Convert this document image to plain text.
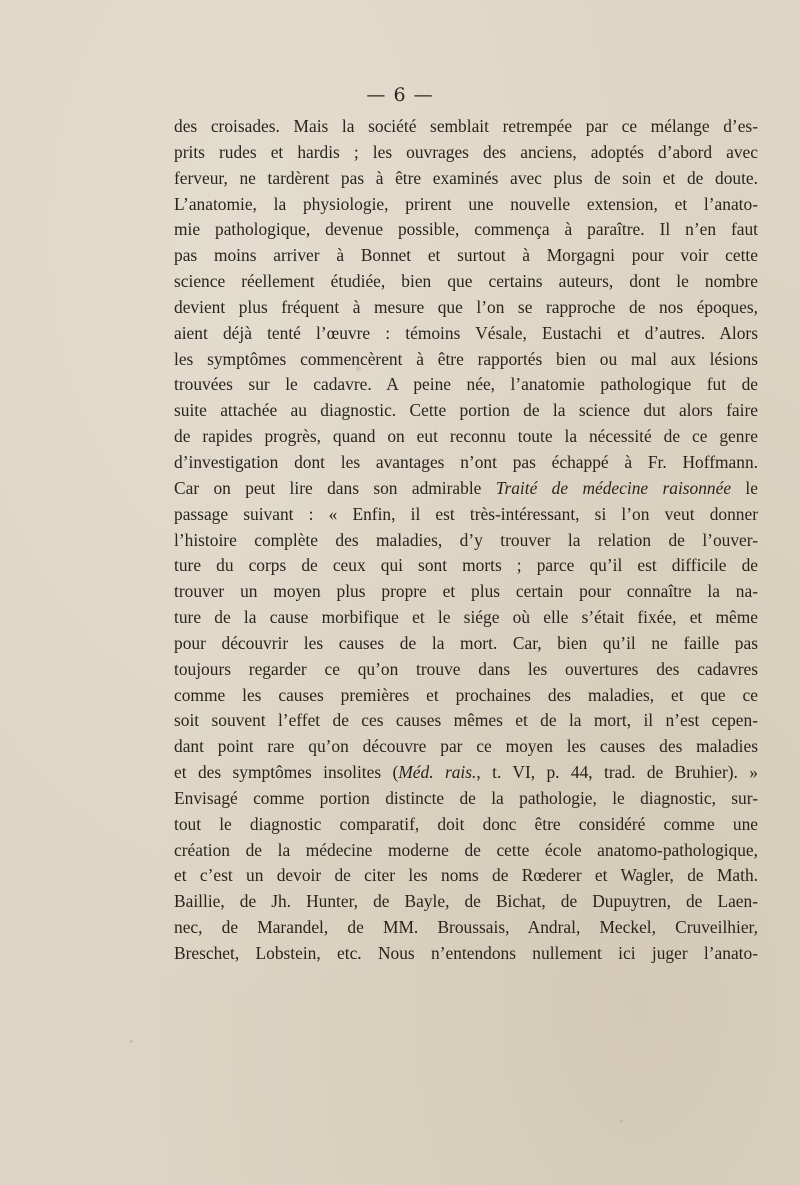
— 6 —
des croisades. Mais la société semblait retrempée par ce mélange d’es-
prits rudes et hardis ; les ouvrages des anciens, adoptés d’abord avec
ferveur, ne tardèrent pas à être examinés avec plus de soin et de doute.
L’anatomie, la physiologie, prirent une nouvelle extension, et l’anato-
mie pathologique, devenue possible, commença à paraître. Il n’en faut
pas moins arriver à Bonnet et surtout à Morgagni pour voir cette
science réellement étudiée, bien que certains auteurs, dont le nombre
devient plus fréquent à mesure que l’on se rapproche de nos époques,
aient déjà tenté l’œuvre : témoins Vésale, Eustachi et d’autres. Alors
les symptômes commencèrent à être rapportés bien ou mal aux lésions
trouvées sur le cadavre. A peine née, l’anatomie pathologique fut de
suite attachée au diagnostic. Cette portion de la science dut alors faire
de rapides progrès, quand on eut reconnu toute la nécessité de ce genre
d’investigation dont les avantages n’ont pas échappé à Fr. Hoffmann.
Car on peut lire dans son admirable Traité de médecine raisonnée le
passage suivant : « Enfin, il est très-intéressant, si l’on veut donner
l’histoire complète des maladies, d’y trouver la relation de l’ouver-
ture du corps de ceux qui sont morts ; parce qu’il est difficile de
trouver un moyen plus propre et plus certain pour connaître la na-
ture de la cause morbifique et le siége où elle s’était fixée, et même
pour découvrir les causes de la mort. Car, bien qu’il ne faille pas
toujours regarder ce qu’on trouve dans les ouvertures des cadavres
comme les causes premières et prochaines des maladies, et que ce
soit souvent l’effet de ces causes mêmes et de la mort, il n’est cepen-
dant point rare qu’on découvre par ce moyen les causes des maladies
et des symptômes insolites (Méd. rais., t. VI, p. 44, trad. de Bruhier). »
Envisagé comme portion distincte de la pathologie, le diagnostic, sur-
tout le diagnostic comparatif, doit donc être considéré comme une
création de la médecine moderne de cette école anatomo-pathologique,
et c’est un devoir de citer les noms de Rœderer et Wagler, de Math.
Baillie, de Jh. Hunter, de Bayle, de Bichat, de Dupuytren, de Laen-
nec, de Marandel, de MM. Broussais, Andral, Meckel, Cruveilhier,
Breschet, Lobstein, etc. Nous n’entendons nullement ici juger l’anato-
